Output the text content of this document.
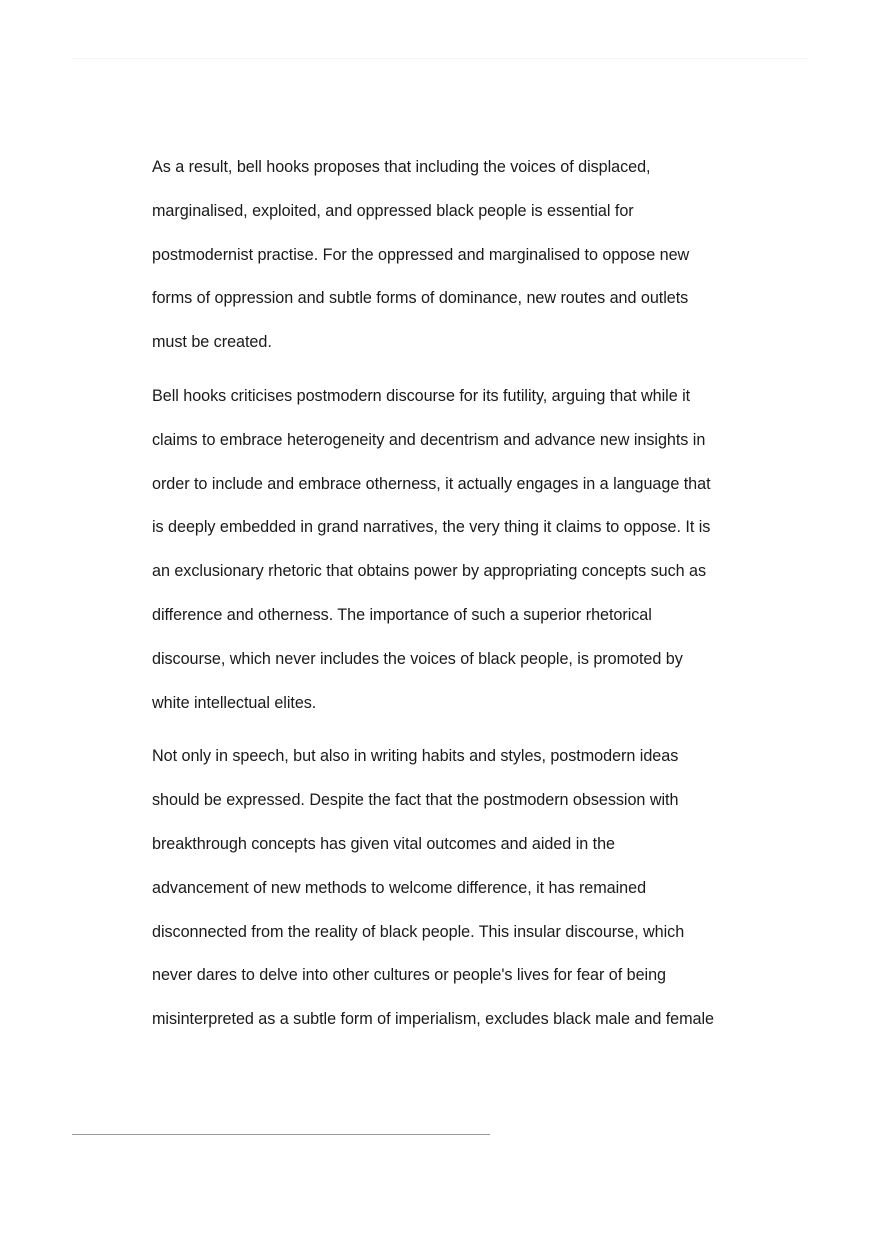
As a result, bell hooks proposes that including the voices of displaced,
marginalised, exploited, and oppressed black people is essential for
postmodernist practise. For the oppressed and marginalised to oppose new
forms of oppression and subtle forms of dominance, new routes and outlets
must be created.

Bell hooks criticises postmodern discourse for its futility, arguing that while it
claims to embrace heterogeneity and decentrism and advance new insights in
order to include and embrace otherness, it actually engages in a language that
is deeply embedded in grand narratives, the very thing it claims to oppose. It is
an exclusionary rhetoric that obtains power by appropriating concepts such as
difference and otherness. The importance of such a superior rhetorical
discourse, which never includes the voices of black people, is promoted by
white intellectual elites.

Not only in speech, but also in writing habits and styles, postmodern ideas
should be expressed. Despite the fact that the postmodern obsession with
breakthrough concepts has given vital outcomes and aided in the
advancement of new methods to welcome difference, it has remained
disconnected from the reality of black people. This insular discourse, which
never dares to delve into other cultures or people's lives for fear of being
misinterpreted as a subtle form of imperialism, excludes black male and female
